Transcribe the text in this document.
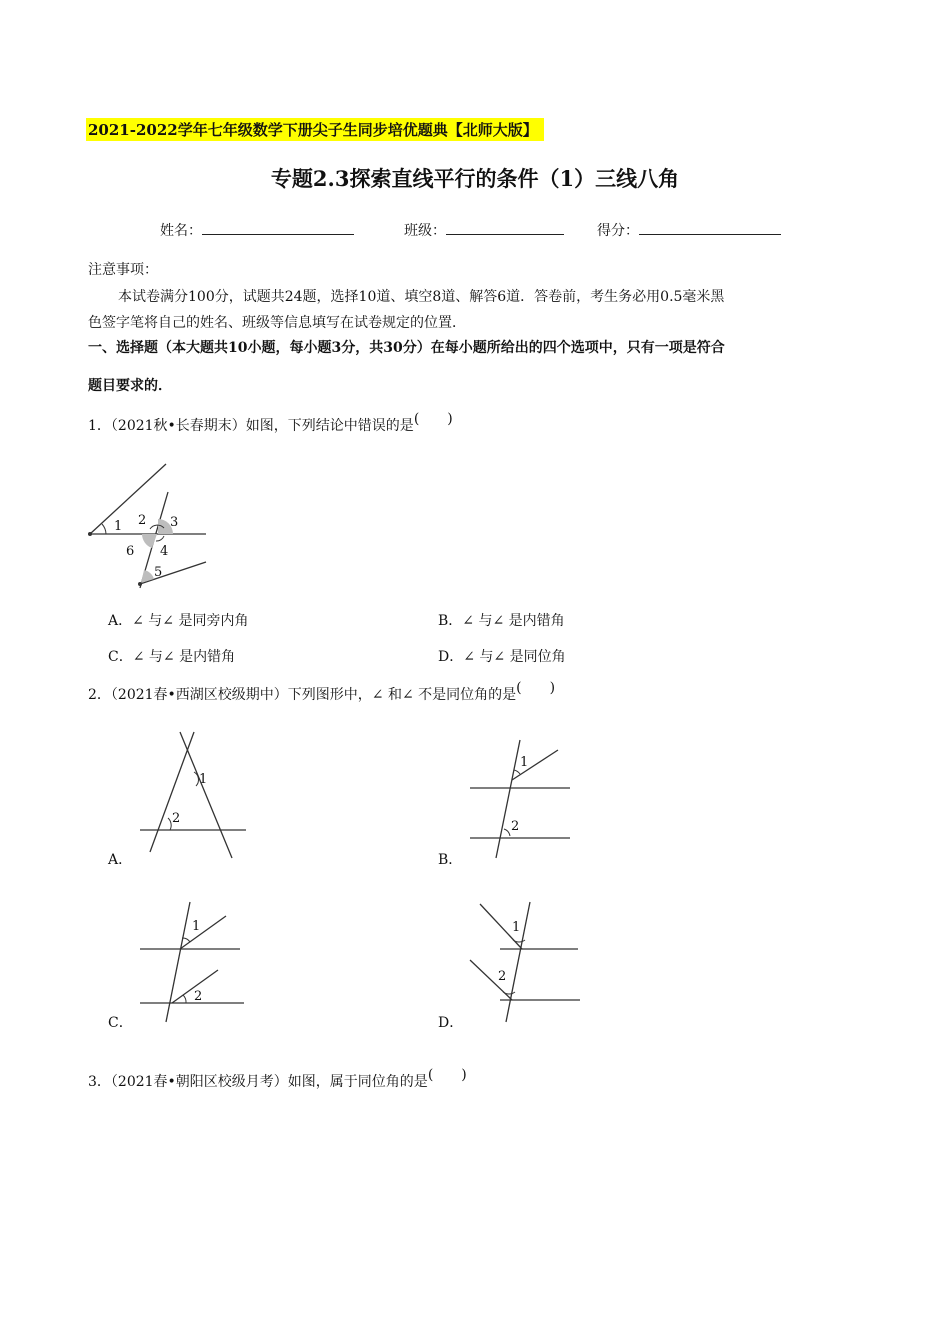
2021-2022学年七年级数学下册尖子生同步培优题典【北师大版】
专题2.3探索直线平行的条件（1）三线八角
姓名：	班级：	得分：
注意事项：
本试卷满分100分，试题共24题，选择10道、填空8道、解答6道．答卷前，考生务必用0.5毫米黑
色签字笔将自己的姓名、班级等信息填写在试卷规定的位置．
一、选择题（本大题共10小题，每小题3分，共30分）在每小题所给出的四个选项中，只有一项是符合
题目要求的．
1．（2021秋•长春期末）如图，下列结论中错误的是(　　)
1 2 3
4
5
6
A．∠ 与∠ 是同旁内角	B．∠ 与∠ 是内错角
C．∠ 与∠ 是内错角	D．∠ 与∠ 是同位角
2．（2021春•西湖区校级期中）下列图形中，∠ 和∠ 不是同位角的是(　　)
1
2
A．
1
2
B．
1
2
C．
1
2
D．
3．（2021春•朝阳区校级月考）如图，属于同位角的是(　　)
